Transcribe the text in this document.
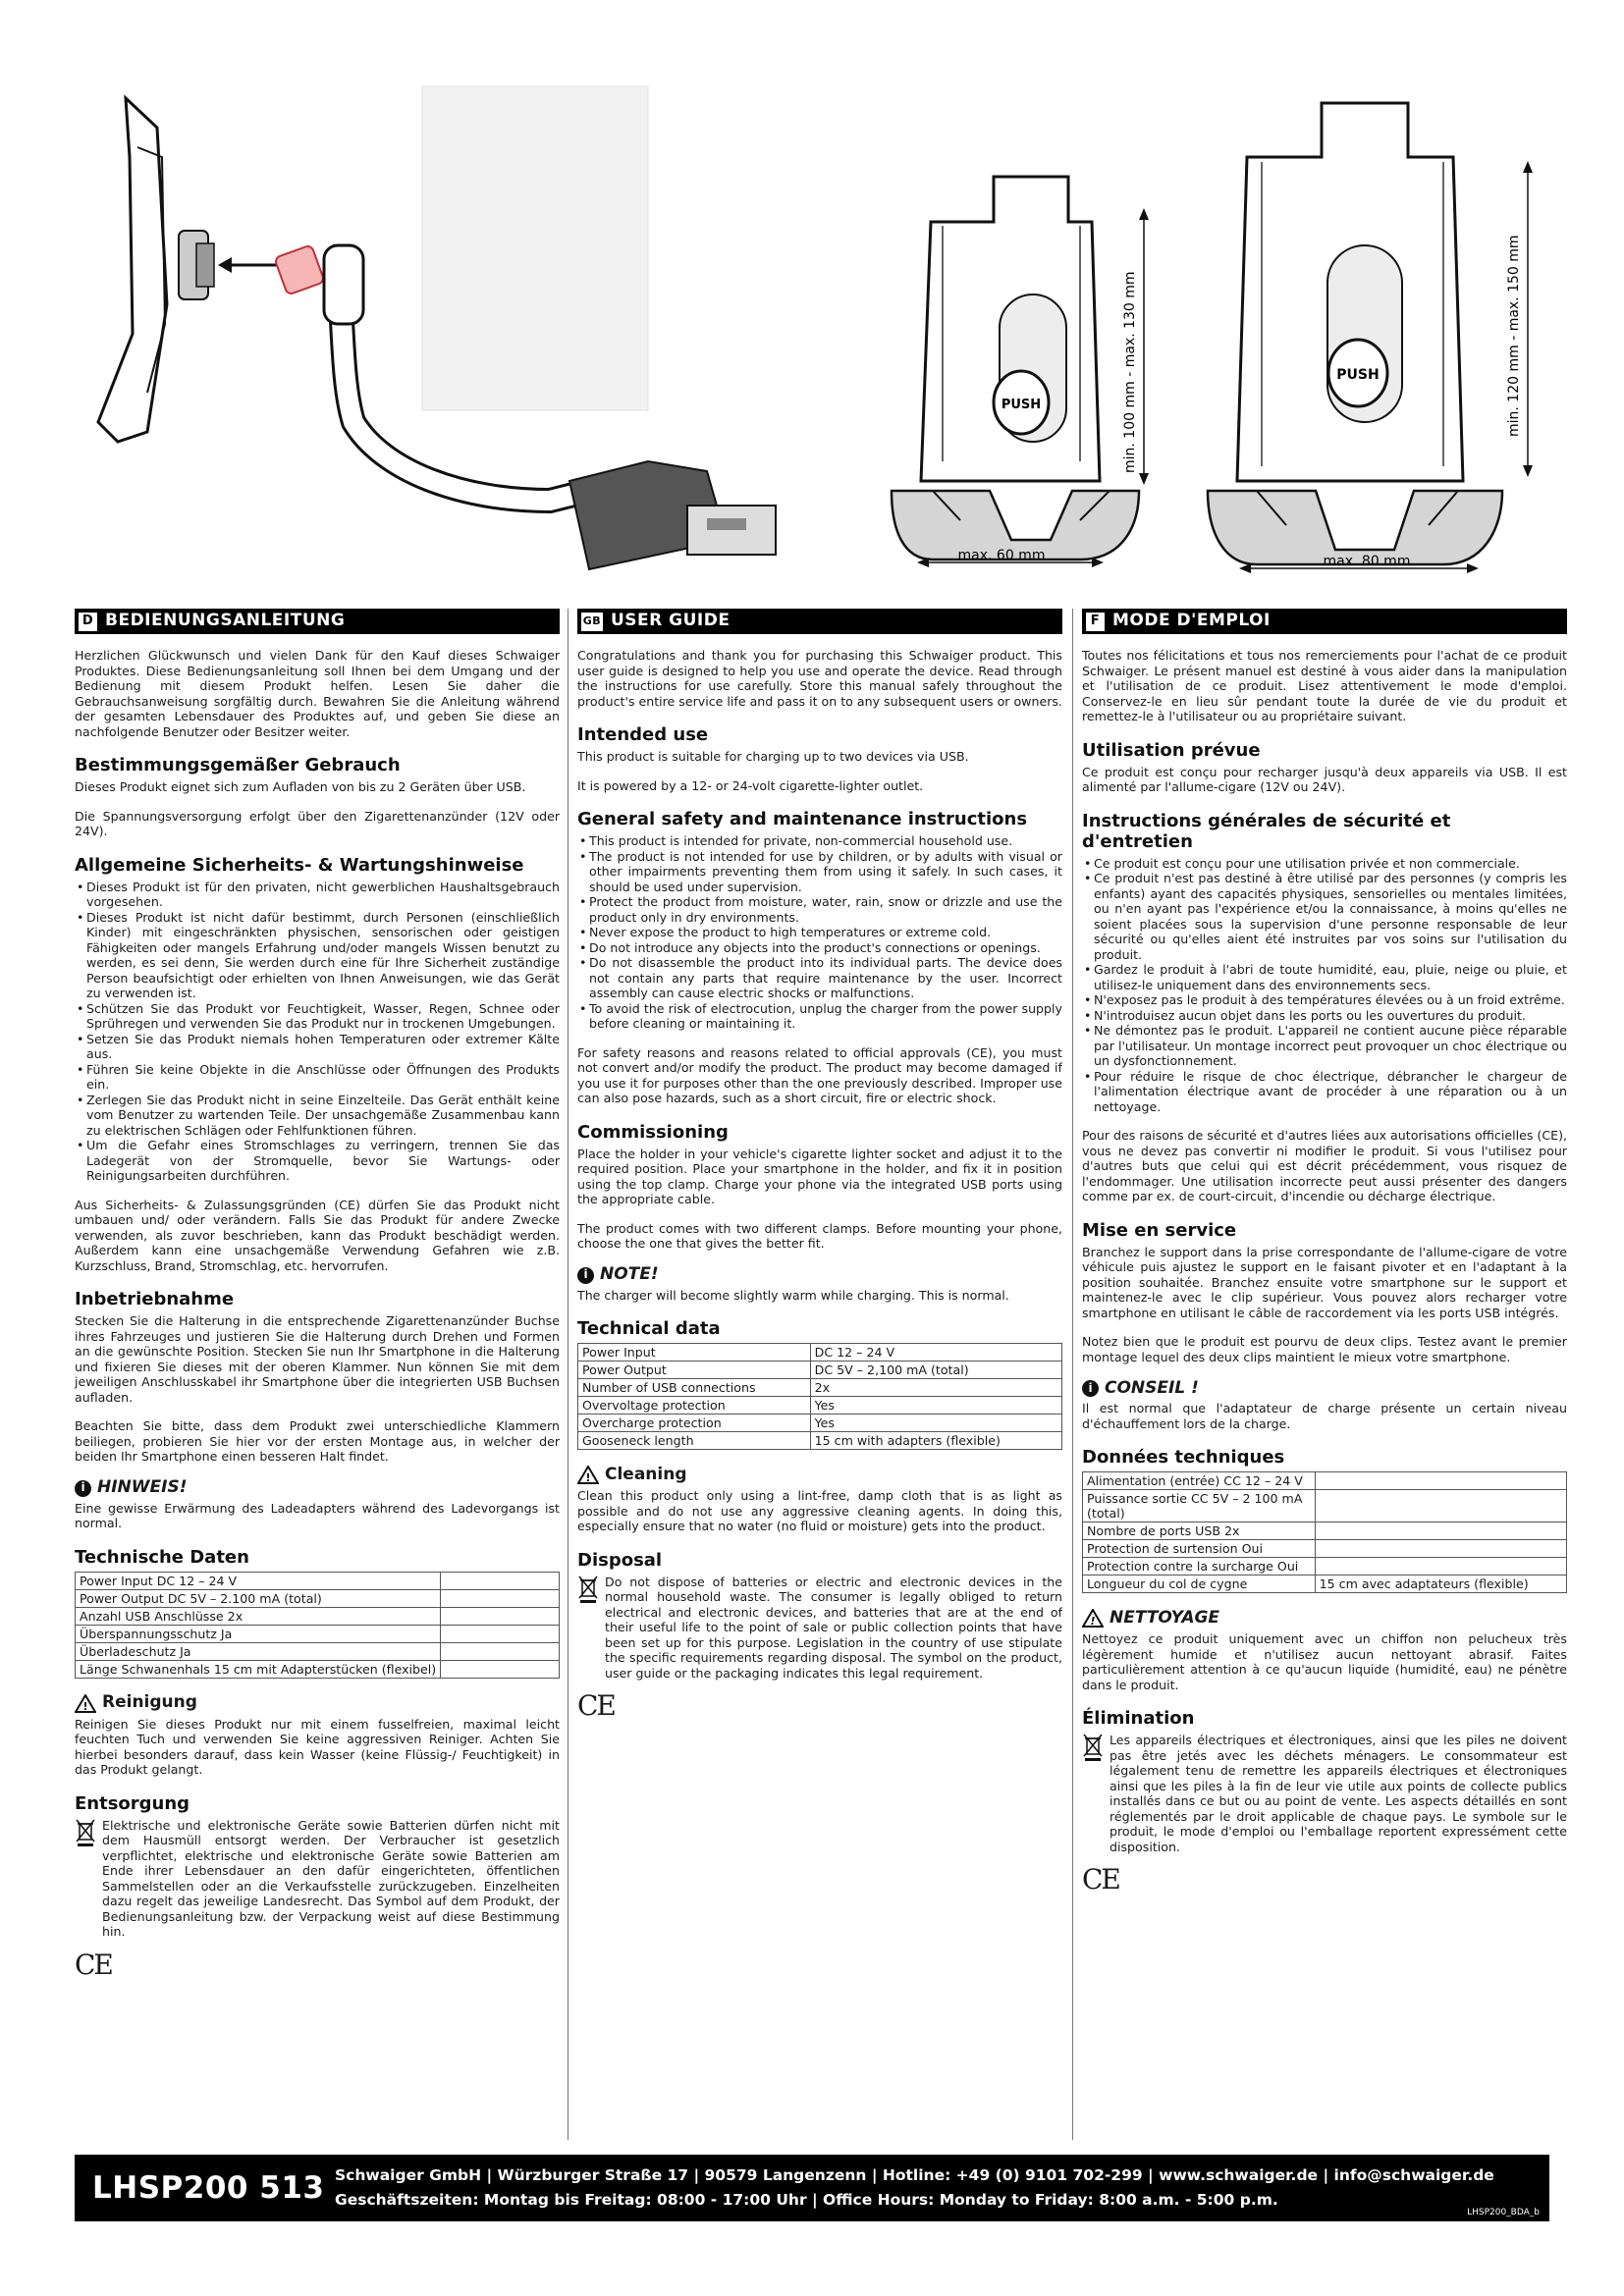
PUSH
max. 60 mm
min. 100 mm - max. 130 mm	PUSH
max. 80 mm
min. 120 mm - max. 150 mm
D BEDIENUNGSANLEITUNG
Herzlichen Glückwunsch und vielen Dank für den Kauf dieses Schwaiger Produktes. Diese Bedienungsanleitung soll Ihnen bei dem Umgang und der Bedienung mit diesem Produkt helfen. Lesen Sie daher die Gebrauchsanweisung sorgfältig durch. Bewahren Sie die Anleitung während der gesamten Lebensdauer des Produktes auf, und geben Sie diese an nachfolgende Benutzer oder Besitzer weiter.
Bestimmungsgemäßer Gebrauch
Dieses Produkt eignet sich zum Aufladen von bis zu 2 Geräten über USB.
Die Spannungsversorgung erfolgt über den Zigarettenanzünder (12V oder 24V).
Allgemeine Sicherheits- & Wartungshinweise
• Dieses Produkt ist für den privaten, nicht gewerblichen Haushaltsgebrauch vorgesehen.
• Dieses Produkt ist nicht dafür bestimmt, durch Personen (einschließlich Kinder) mit eingeschränkten physischen, sensorischen oder geistigen Fähigkeiten oder mangels Erfahrung und/oder mangels Wissen benutzt zu werden, es sei denn, Sie werden durch eine für Ihre Sicherheit zuständige Person beaufsichtigt oder erhielten von Ihnen Anweisungen, wie das Gerät zu verwenden ist.
• Schützen Sie das Produkt vor Feuchtigkeit, Wasser, Regen, Schnee oder Sprühregen und verwenden Sie das Produkt nur in trockenen Umgebungen.
• Setzen Sie das Produkt niemals hohen Temperaturen oder extremer Kälte aus.
• Führen Sie keine Objekte in die Anschlüsse oder Öffnungen des Produkts ein.
• Zerlegen Sie das Produkt nicht in seine Einzelteile. Das Gerät enthält keine vom Benutzer zu wartenden Teile. Der unsachgemäße Zusammenbau kann zu elektrischen Schlägen oder Fehlfunktionen führen.
• Um die Gefahr eines Stromschlages zu verringern, trennen Sie das Ladegerät von der Stromquelle, bevor Sie Wartungs- oder Reinigungsarbeiten durchführen.
Aus Sicherheits- & Zulassungsgründen (CE) dürfen Sie das Produkt nicht umbauen und/ oder verändern. Falls Sie das Produkt für andere Zwecke verwenden, als zuvor beschrieben, kann das Produkt beschädigt werden. Außerdem kann eine unsachgemäße Verwendung Gefahren wie z.B. Kurzschluss, Brand, Stromschlag, etc. hervorrufen.
Inbetriebnahme
Stecken Sie die Halterung in die entsprechende Zigarettenanzünder Buchse ihres Fahrzeuges und justieren Sie die Halterung durch Drehen und Formen an die gewünschte Position. Stecken Sie nun Ihr Smartphone in die Halterung und fixieren Sie dieses mit der oberen Klammer. Nun können Sie mit dem jeweiligen Anschlusskabel ihr Smartphone über die integrierten USB Buchsen aufladen.
Beachten Sie bitte, dass dem Produkt zwei unterschiedliche Klammern beiliegen, probieren Sie hier vor der ersten Montage aus, in welcher der beiden Ihr Smartphone einen besseren Halt findet.
i HINWEIS!
Eine gewisse Erwärmung des Ladeadapters während des Ladevorgangs ist normal.
Technische Daten
Power Input DC 12 – 24 V	
Power Output DC 5V – 2.100 mA (total)	
Anzahl USB Anschlüsse 2x	
Überspannungsschutz Ja	
Überladeschutz Ja	
Länge Schwanenhals 15 cm mit Adapterstücken (flexibel)	
! Reinigung
Reinigen Sie dieses Produkt nur mit einem fusselfreien, maximal leicht feuchten Tuch und verwenden Sie keine aggressiven Reiniger. Achten Sie hierbei besonders darauf, dass kein Wasser (keine Flüssig-/ Feuchtigkeit) in das Produkt gelangt.
Entsorgung
Elektrische und elektronische Geräte sowie Batterien dürfen nicht mit dem Hausmüll entsorgt werden. Der Verbraucher ist gesetzlich verpflichtet, elektrische und elektronische Geräte sowie Batterien am Ende ihrer Lebensdauer an den dafür eingerichteten, öffentlichen Sammelstellen oder an die Verkaufsstelle zurückzugeben. Einzelheiten dazu regelt das jeweilige Landesrecht. Das Symbol auf dem Produkt, der Bedienungsanleitung bzw. der Verpackung weist auf diese Bestimmung hin.
CE
GB USER GUIDE
Congratulations and thank you for purchasing this Schwaiger product. This user guide is designed to help you use and operate the device. Read through the instructions for use carefully. Store this manual safely throughout the product's entire service life and pass it on to any subsequent users or owners.
Intended use
This product is suitable for charging up to two devices via USB.
It is powered by a 12- or 24-volt cigarette-lighter outlet.
General safety and maintenance instructions
• This product is intended for private, non-commercial household use.
• The product is not intended for use by children, or by adults with visual or other impairments preventing them from using it safely. In such cases, it should be used under supervision.
• Protect the product from moisture, water, rain, snow or drizzle and use the product only in dry environments.
• Never expose the product to high temperatures or extreme cold.
• Do not introduce any objects into the product's connections or openings.
• Do not disassemble the product into its individual parts. The device does not contain any parts that require maintenance by the user. Incorrect assembly can cause electric shocks or malfunctions.
• To avoid the risk of electrocution, unplug the charger from the power supply before cleaning or maintaining it.
For safety reasons and reasons related to official approvals (CE), you must not convert and/or modify the product. The product may become damaged if you use it for purposes other than the one previously described. Improper use can also pose hazards, such as a short circuit, fire or electric shock.
Commissioning
Place the holder in your vehicle's cigarette lighter socket and adjust it to the required position. Place your smartphone in the holder, and fix it in position using the top clamp. Charge your phone via the integrated USB ports using the appropriate cable.
The product comes with two different clamps. Before mounting your phone, choose the one that gives the better fit.
i NOTE!
The charger will become slightly warm while charging. This is normal.
Technical data
Power Input	DC 12 – 24 V
Power Output	DC 5V – 2,100 mA (total)
Number of USB connections	2x
Overvoltage protection	Yes
Overcharge protection	Yes
Gooseneck length	15 cm with adapters (flexible)
! Cleaning
Clean this product only using a lint-free, damp cloth that is as light as possible and do not use any aggressive cleaning agents. In doing this, especially ensure that no water (no fluid or moisture) gets into the product.
Disposal
Do not dispose of batteries or electric and electronic devices in the normal household waste. The consumer is legally obliged to return electrical and electronic devices, and batteries that are at the end of their useful life to the point of sale or public collection points that have been set up for this purpose. Legislation in the country of use stipulate the specific requirements regarding disposal. The symbol on the product, user guide or the packaging indicates this legal requirement.
CE
F MODE D'EMPLOI
Toutes nos félicitations et tous nos remerciements pour l'achat de ce produit Schwaiger. Le présent manuel est destiné à vous aider dans la manipulation et l'utilisation de ce produit. Lisez attentivement le mode d'emploi. Conservez-le en lieu sûr pendant toute la durée de vie du produit et remettez-le à l'utilisateur ou au propriétaire suivant.
Utilisation prévue
Ce produit est conçu pour recharger jusqu'à deux appareils via USB. Il est alimenté par l'allume-cigare (12V ou 24V).
Instructions générales de sécurité et d'entretien
• Ce produit est conçu pour une utilisation privée et non commerciale.
• Ce produit n'est pas destiné à être utilisé par des personnes (y compris les enfants) ayant des capacités physiques, sensorielles ou mentales limitées, ou n'en ayant pas l'expérience et/ou la connaissance, à moins qu'elles ne soient placées sous la supervision d'une personne responsable de leur sécurité ou qu'elles aient été instruites par vos soins sur l'utilisation du produit.
• Gardez le produit à l'abri de toute humidité, eau, pluie, neige ou pluie, et utilisez-le uniquement dans des environnements secs.
• N'exposez pas le produit à des températures élevées ou à un froid extrême.
• N'introduisez aucun objet dans les ports ou les ouvertures du produit.
• Ne démontez pas le produit. L'appareil ne contient aucune pièce réparable par l'utilisateur. Un montage incorrect peut provoquer un choc électrique ou un dysfonctionnement.
• Pour réduire le risque de choc électrique, débrancher le chargeur de l'alimentation électrique avant de procéder à une réparation ou à un nettoyage.
Pour des raisons de sécurité et d'autres liées aux autorisations officielles (CE), vous ne devez pas convertir ni modifier le produit. Si vous l'utilisez pour d'autres buts que celui qui est décrit précédemment, vous risquez de l'endommager. Une utilisation incorrecte peut aussi présenter des dangers comme par ex. de court-circuit, d'incendie ou décharge électrique.
Mise en service
Branchez le support dans la prise correspondante de l'allume-cigare de votre véhicule puis ajustez le support en le faisant pivoter et en l'adaptant à la position souhaitée. Branchez ensuite votre smartphone sur le support et maintenez-le avec le clip supérieur. Vous pouvez alors recharger votre smartphone en utilisant le câble de raccordement via les ports USB intégrés.
Notez bien que le produit est pourvu de deux clips. Testez avant le premier montage lequel des deux clips maintient le mieux votre smartphone.
i CONSEIL !
Il est normal que l'adaptateur de charge présente un certain niveau d'échauffement lors de la charge.
Données techniques
Alimentation (entrée) CC 12 – 24 V	
Puissance sortie CC 5V – 2 100 mA (total)	
Nombre de ports USB 2x	
Protection de surtension Oui	
Protection contre la surcharge Oui	
Longueur du col de cygne	15 cm avec adaptateurs (flexible)
! NETTOYAGE
Nettoyez ce produit uniquement avec un chiffon non pelucheux très légèrement humide et n'utilisez aucun nettoyant abrasif. Faites particulièrement attention à ce qu'aucun liquide (humidité, eau) ne pénètre dans le produit.
Élimination
Les appareils électriques et électroniques, ainsi que les piles ne doivent pas être jetés avec les déchets ménagers. Le consommateur est légalement tenu de remettre les appareils électriques et électroniques ainsi que les piles à la fin de leur vie utile aux points de collecte publics installés dans ce but ou au point de vente. Les aspects détaillés en sont réglementés par le droit applicable de chaque pays. Le symbole sur le produit, le mode d'emploi ou l'emballage reportent expressément cette disposition.
CE
LHSP200 513 Schwaiger GmbH | Würzburger Straße 17 | 90579 Langenzenn | Hotline: +49 (0) 9101 702-299 | www.schwaiger.de | info@schwaiger.de
Geschäftszeiten: Montag bis Freitag: 08:00 - 17:00 Uhr | Office Hours: Monday to Friday: 8:00 a.m. - 5:00 p.m.
LHSP200_BDA_b
